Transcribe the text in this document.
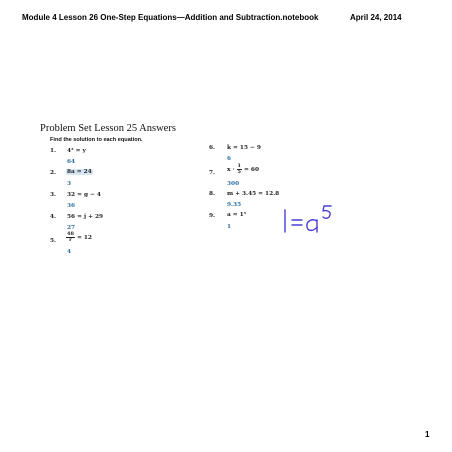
Module 4 Lesson 26 One-Step Equations—Addition and Subtraction.notebook	April 24, 2014
Problem Set Lesson 25 Answers
Find the solution to each equation.
1. 4³ = y
64
2. 8a = 24
3
3. 32 = g − 4
36
4. 56 = j + 29
27
5. $\frac{48}{r} = 12$
4
6. k = 15 − 9
6
7. $x \cdot \frac{1}{5} = 60$
300
8. m + 3.45 = 12.8
9.35
9. a = 1⁵
1
1
